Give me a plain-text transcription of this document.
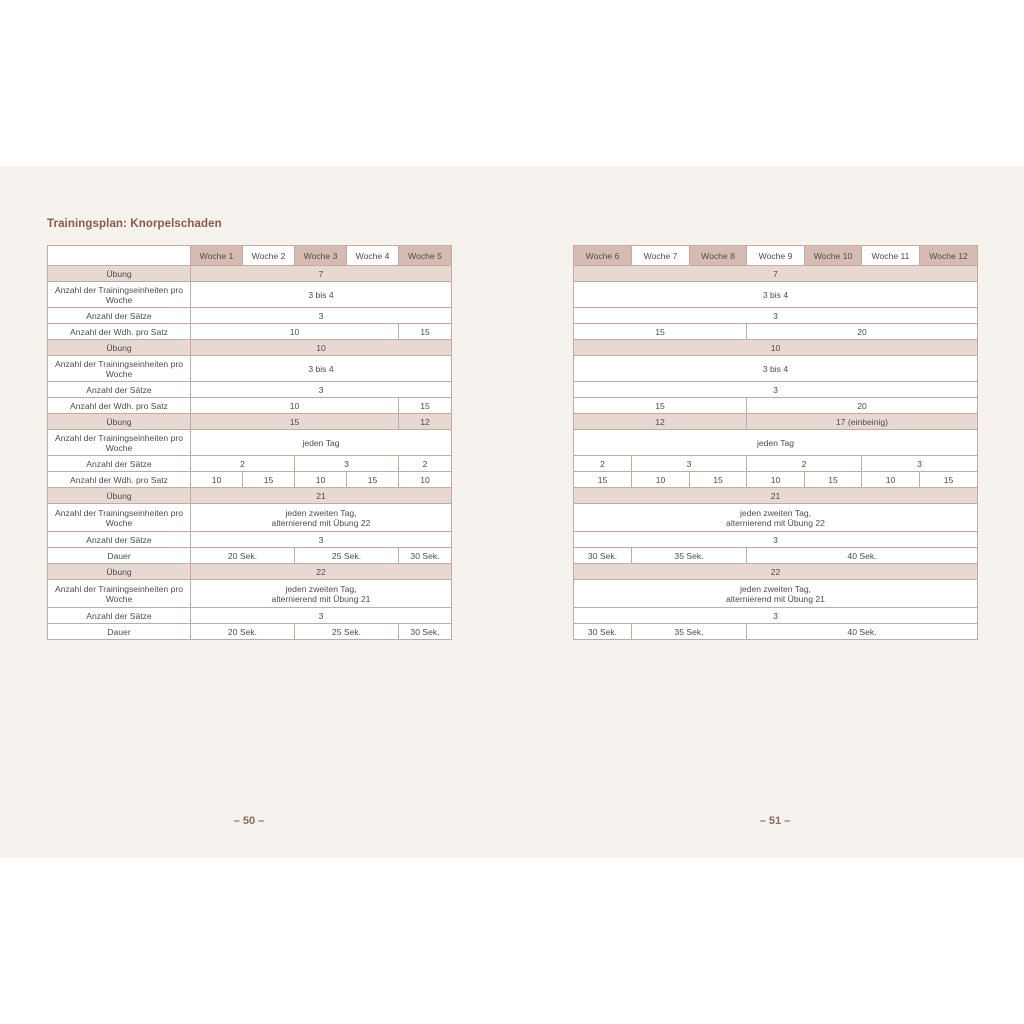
Trainingsplan: Knorpelschaden
	Woche 1	Woche 2	Woche 3	Woche 4	Woche 5
Übung	7				
Anzahl der Trainingseinheiten pro Woche	3 bis 4				
Anzahl der Sätze	3				
Anzahl der Wdh. pro Satz	10				15
Übung	10				
Anzahl der Trainingseinheiten pro Woche	3 bis 4				
Anzahl der Sätze	3				
Anzahl der Wdh. pro Satz	10				15
Übung	15				12
Anzahl der Trainingseinheiten pro Woche	jeden Tag				
Anzahl der Sätze	2		3		2
Anzahl der Wdh. pro Satz	10	15	10	15	10
Übung	21				
Anzahl der Trainingseinheiten pro Woche	jeden zweiten Tag,
alternierend mit Übung 22				
Anzahl der Sätze	3				
Dauer	20 Sek.		25 Sek.		30 Sek.
Übung	22				
Anzahl der Trainingseinheiten pro Woche	jeden zweiten Tag,
alternierend mit Übung 21				
Anzahl der Sätze	3				
Dauer	20 Sek.		25 Sek.		30 Sek.
Woche 6	Woche 7	Woche 8	Woche 9	Woche 10	Woche 11	Woche 12
7						
3 bis 4						
3						
15			20			
10						
3 bis 4						
3						
15			20			
12			17 (einbeinig)			
jeden Tag						
2	3		2		3	
15	10	15	10	15	10	15
21						
jeden zweiten Tag,
alternierend mit Übung 22						
3						
30 Sek.	35 Sek.		40 Sek.			
22						
jeden zweiten Tag,
alternierend mit Übung 21						
3						
30 Sek.	35 Sek.		40 Sek.			
– 50 –	– 51 –
